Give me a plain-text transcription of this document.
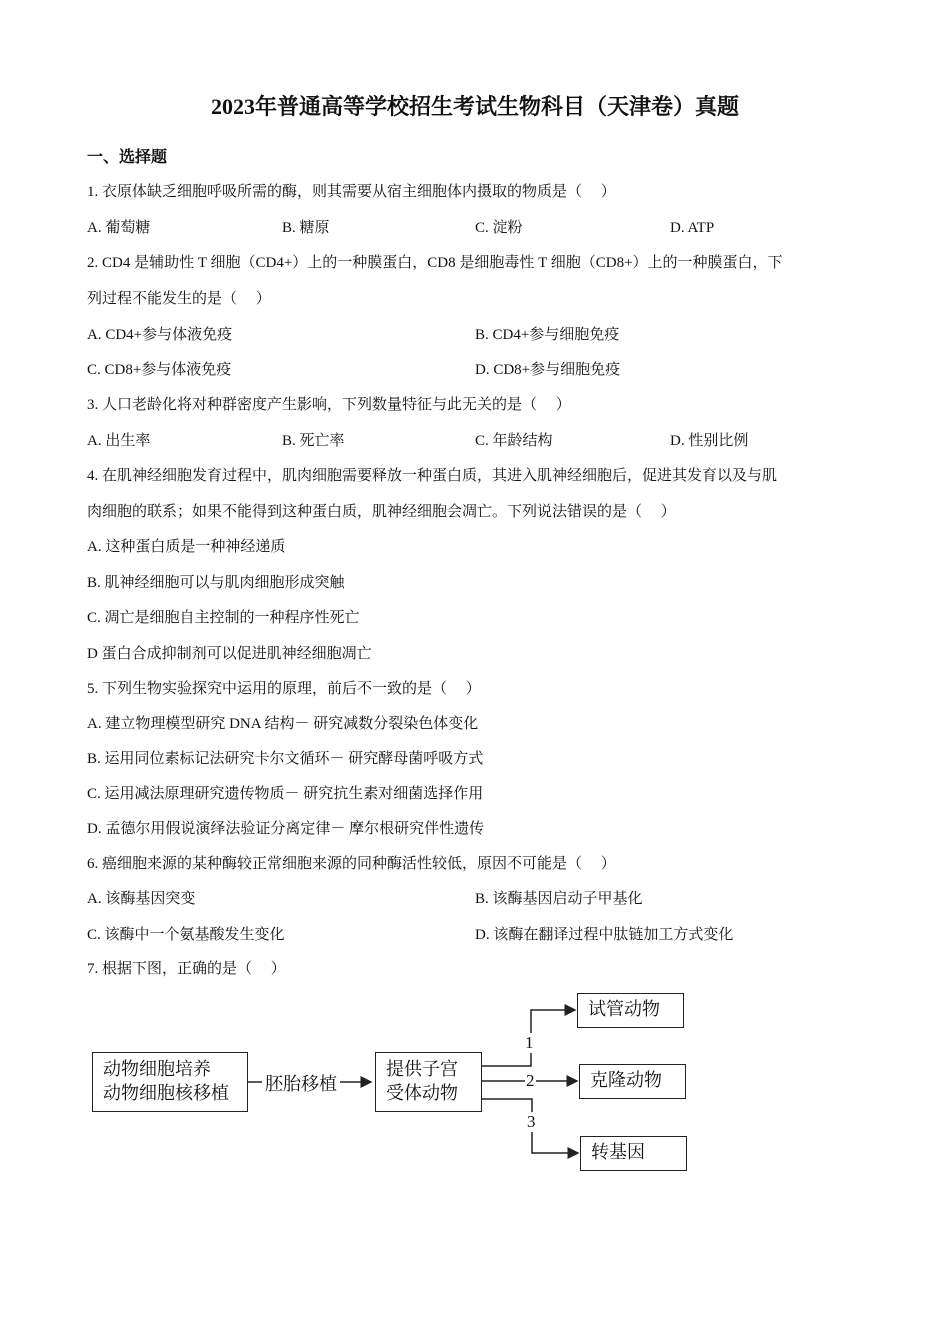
2023年普通高等学校招生考试生物科目（天津卷）真题
一、选择题
1. 衣原体缺乏细胞呼吸所需的酶，则其需要从宿主细胞体内摄取的物质是（　 ）
A. 葡萄糖	B. 糖原	C. 淀粉	D. ATP
2. CD4 是辅助性 T 细胞（CD4+）上的一种膜蛋白，CD8 是细胞毒性 T 细胞（CD8+）上的一种膜蛋白，下
列过程不能发生的是（　 ）
A. CD4+参与体液免疫	B. CD4+参与细胞免疫
C. CD8+参与体液免疫	D. CD8+参与细胞免疫
3. 人口老龄化将对种群密度产生影响，下列数量特征与此无关的是（　 ）
A. 出生率	B. 死亡率	C. 年龄结构	D. 性别比例
4. 在肌神经细胞发育过程中，肌肉细胞需要释放一种蛋白质，其进入肌神经细胞后，促进其发育以及与肌
肉细胞的联系；如果不能得到这种蛋白质，肌神经细胞会凋亡。下列说法错误的是（　 ）
A. 这种蛋白质是一种神经递质
B. 肌神经细胞可以与肌肉细胞形成突触
C. 凋亡是细胞自主控制的一种程序性死亡
D 蛋白合成抑制剂可以促进肌神经细胞凋亡
5. 下列生物实验探究中运用的原理，前后不一致的是（　 ）
A. 建立物理模型研究 DNA 结构－ 研究减数分裂染色体变化
B. 运用同位素标记法研究卡尔文循环－ 研究酵母菌呼吸方式
C. 运用减法原理研究遗传物质－ 研究抗生素对细菌选择作用
D. 孟德尔用假说演绎法验证分离定律－ 摩尔根研究伴性遗传
6. 癌细胞来源的某种酶较正常细胞来源的同种酶活性较低，原因不可能是（　 ）
A. 该酶基因突变	B. 该酶基因启动子甲基化
C. 该酶中一个氨基酸发生变化	D. 该酶在翻译过程中肽链加工方式变化
7. 根据下图，正确的是（　 ）
动物细胞培养
动物细胞核移植	胚胎移植
提供子宫
受体动物
1
2
3
试管动物
克隆动物
转基因
